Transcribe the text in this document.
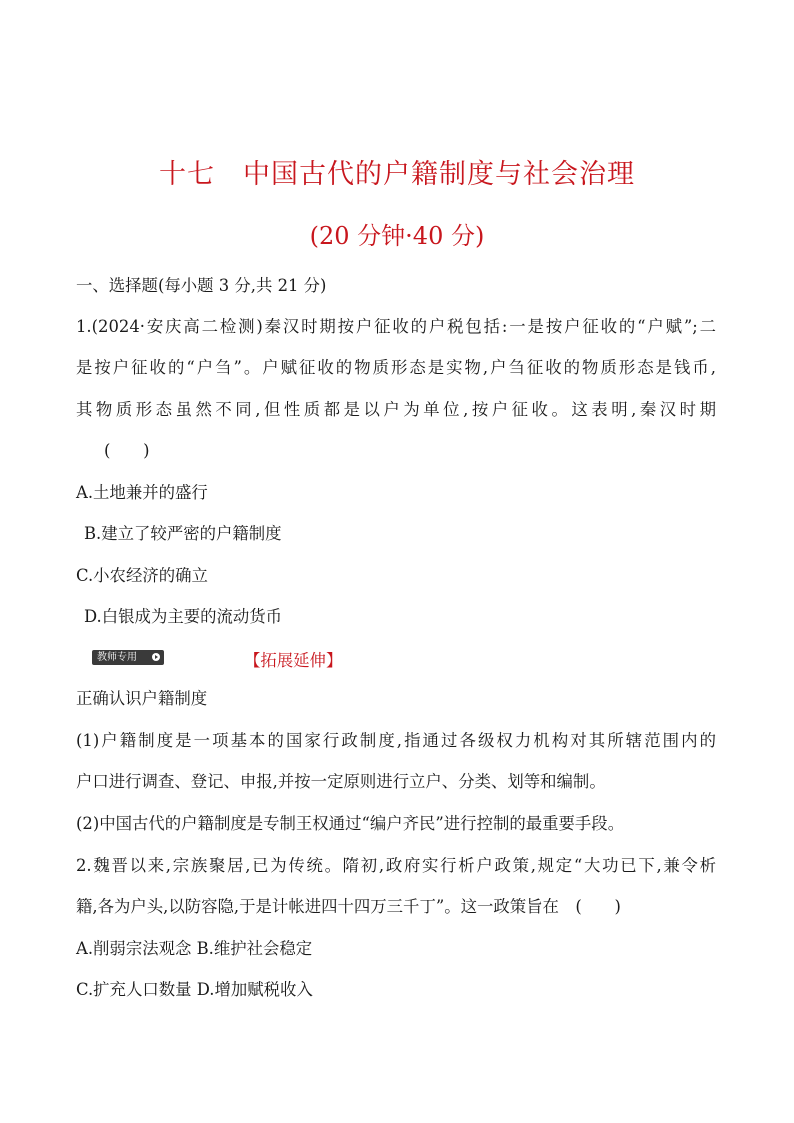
十七　中国古代的户籍制度与社会治理
(20 分钟·40 分)
一、选择题(每小题 3 分,共 21 分)
1.(2024·安庆高二检测)秦汉时期按户征收的户税包括:一是按户征收的“户赋”;二
是按户征收的“户刍”。户赋征收的物质形态是实物,户刍征收的物质形态是钱币,
其物质形态虽然不同,但性质都是以户为单位,按户征收。这表明,秦汉时期
(　　)
A.土地兼并的盛行
B.建立了较严密的户籍制度
C.小农经济的确立
D.白银成为主要的流动货币
教师专用	【拓展延伸】
正确认识户籍制度
(1)户籍制度是一项基本的国家行政制度,指通过各级权力机构对其所辖范围内的
户口进行调查、登记、申报,并按一定原则进行立户、分类、划等和编制。
(2)中国古代的户籍制度是专制王权通过“编户齐民”进行控制的最重要手段。
2.魏晋以来,宗族聚居,已为传统。隋初,政府实行析户政策,规定“大功已下,兼令析
籍,各为户头,以防容隐,于是计帐进四十四万三千丁”。这一政策旨在　(　　)
A.削弱宗法观念 B.维护社会稳定
C.扩充人口数量 D.增加赋税收入
